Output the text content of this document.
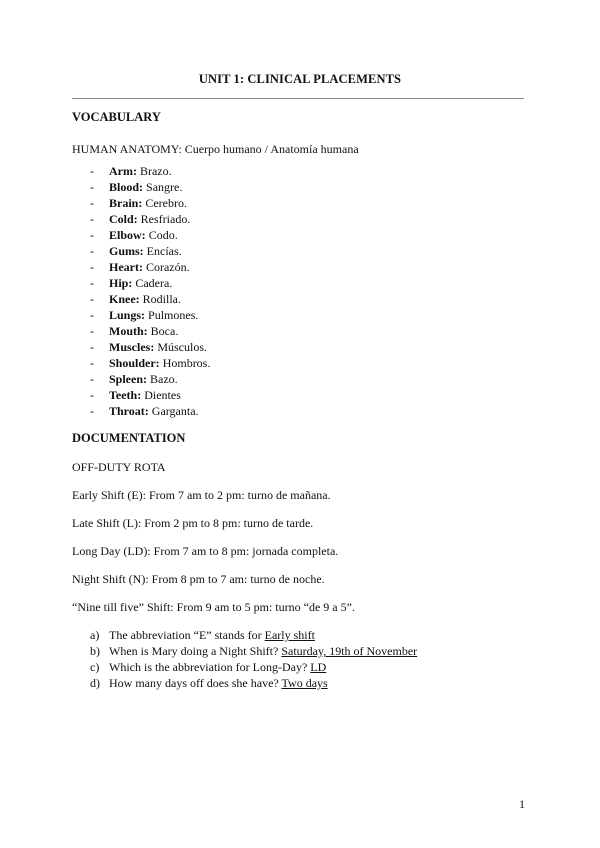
UNIT 1: CLINICAL PLACEMENTS
VOCABULARY
HUMAN ANATOMY: Cuerpo humano / Anatomía humana
- Arm: Brazo.
- Blood: Sangre.
- Brain: Cerebro.
- Cold: Resfriado.
- Elbow: Codo.
- Gums: Encías.
- Heart: Corazón.
- Hip: Cadera.
- Knee: Rodilla.
- Lungs: Pulmones.
- Mouth: Boca.
- Muscles: Músculos.
- Shoulder: Hombros.
- Spleen: Bazo.
- Teeth: Dientes
- Throat: Garganta.
DOCUMENTATION
OFF-DUTY ROTA
Early Shift (E): From 7 am to 2 pm: turno de mañana.
Late Shift (L): From 2 pm to 8 pm: turno de tarde.
Long Day (LD): From 7 am to 8 pm: jornada completa.
Night Shift (N): From 8 pm to 7 am: turno de noche.
“Nine till five” Shift: From 9 am to 5 pm: turno “de 9 a 5”.
a) The abbreviation “E” stands for Early shift
b) When is Mary doing a Night Shift? Saturday, 19th of November
c) Which is the abbreviation for Long-Day? LD
d) How many days off does she have? Two days
1
